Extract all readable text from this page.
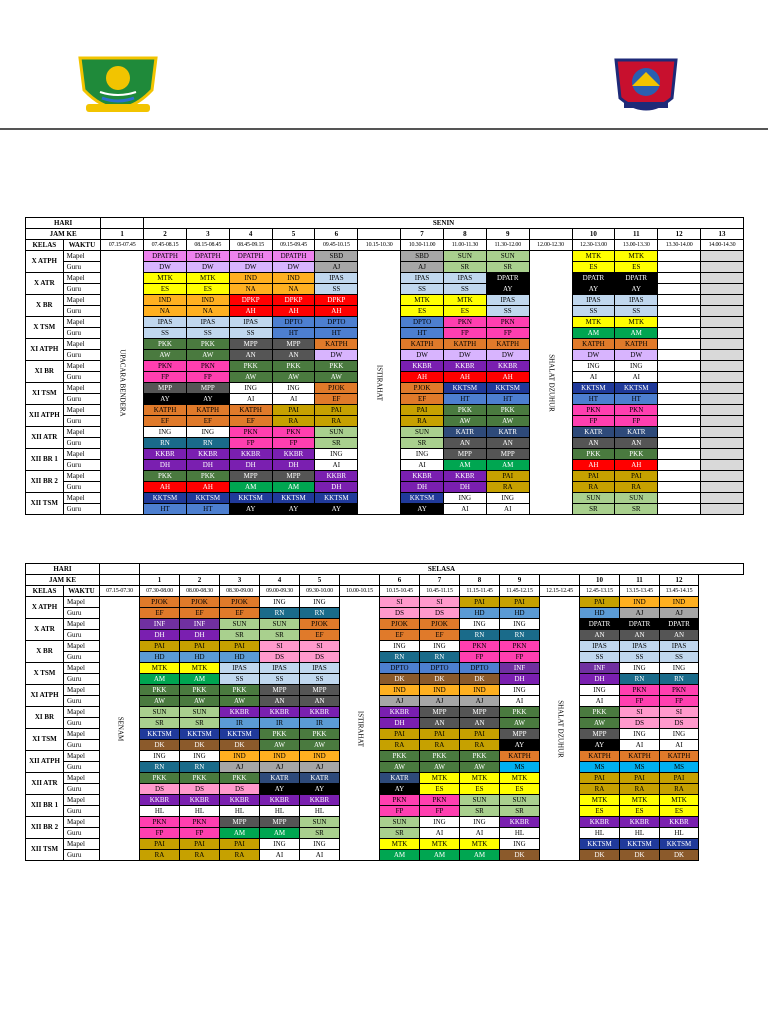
HARI			SENIN													
JAM KE		1	2	3	4	5	6		7	8	9		10	11	12	13
KELAS	WAKTU	07.15-07.45	07.45-08.15	08.15-08.45	08.45-09.15	09.15-09.45	09.45-10.15	10.15-10.30	10.30-11.00	11.00-11.30	11.30-12.00	12.00-12.30	12.30-13.00	13.00-13.30	13.30-14.00	14.00-14.30
X ATPH	Mapel	UPACARA BENDERA	DPATPH	DPATPH	DPATPH	DPATPH	SBD	ISTIRAHAT	SBD	SUN	SUN	SHALAT DZUHUR	MTK	MTK		
	Guru		DW	DW	DW	DW	AJ		AJ	SR	SR		ES	ES		
X ATR	Mapel		MTK	MTK	IND	IND	IPAS		IPAS	IPAS	DPATR		DPATR	DPATR		
	Guru		ES	ES	NA	NA	SS		SS	SS	AY		AY	AY		
X BR	Mapel		IND	IND	DPKP	DPKP	DPKP		MTK	MTK	IPAS		IPAS	IPAS		
	Guru		NA	NA	AH	AH	AH		ES	ES	SS		SS	SS		
X TSM	Mapel		IPAS	IPAS	IPAS	DPTO	DPTO		DPTO	PKN	PKN		MTK	MTK		
	Guru		SS	SS	SS	HT	HT		HT	FP	FP		AM	AM		
XI ATPH	Mapel		PKK	PKK	MPP	MPP	KATPH		KATPH	KATPH	KATPH		KATPH	KATPH		
	Guru		AW	AW	AN	AN	DW		DW	DW	DW		DW	DW		
XI BR	Mapel		PKN	PKN	PKK	PKK	PKK		KKBR	KKBR	KKBR		ING	ING		
	Guru		FP	FP	AW	AW	AW		AH	AH	AH		AI	AI		
XI TSM	Mapel		MPP	MPP	ING	ING	PJOK		PJOK	KKTSM	KKTSM		KKTSM	KKTSM		
	Guru		AY	AY	AI	AI	EF		EF	HT	HT		HT	HT		
XII ATPH	Mapel		KATPH	KATPH	KATPH	PAI	PAI		PAI	PKK	PKK		PKN	PKN		
	Guru		EF	EF	EF	RA	RA		RA	AW	AW		FP	FP		
XII ATR	Mapel		ING	ING	PKN	PKN	SUN		SUN	KATR	KATR		KATR	KATR		
	Guru		RN	RN	FP	FP	SR		SR	AN	AN		AN	AN		
XII BR 1	Mapel		KKBR	KKBR	KKBR	KKBR	ING		ING	MPP	MPP		PKK	PKK		
	Guru		DH	DH	DH	DH	AI		AI	AM	AM		AH	AH		
XII BR 2	Mapel		PKK	PKK	MPP	MPP	KKBR		KKBR	KKBR	PAI		PAI	PAI		
	Guru		AH	AH	AM	AM	DH		DH	DH	RA		RA	RA		
XII TSM	Mapel		KKTSM	KKTSM	KKTSM	KKTSM	KKTSM		KKTSM	ING	ING		SUN	SUN		
	Guru		HT	HT	AY	AY	AY		AY	AI	AI		SR	SR		
HARI			SELASA													
JAM KE			1	2	3	4	5		6	7	8	9		10	11	12
KELAS	WAKTU	07.15-07.30	07.30-08.00	08.00-08.30	08.30-09.00	09.00-09.30	09.30-10.00	10.00-10.15	10.15-10.45	10.45-11.15	11.15-11.45	11.45-12.15	12.15-12.45	12.45-13.15	13.15-13.45	13.45-14.15
X ATPH	Mapel	SENAM	PJOK	PJOK	PJOK	ING	ING	ISTIRAHAT	SI	SI	PAI	PAI	SHALAT DZUHUR	PAI	IND	IND
	Guru		EF	EF	EF	RN	RN		DS	DS	HD	HD		HD	AJ	AJ
X ATR	Mapel		INF	INF	SUN	SUN	PJOK		PJOK	PJOK	ING	ING		DPATR	DPATR	DPATR
	Guru		DH	DH	SR	SR	EF		EF	EF	RN	RN		AN	AN	AN
X BR	Mapel		PAI	PAI	PAI	SI	SI		ING	ING	PKN	PKN		IPAS	IPAS	IPAS
	Guru		HD	HD	HD	DS	DS		RN	RN	FP	FP		SS	SS	SS
X TSM	Mapel		MTK	MTK	IPAS	IPAS	IPAS		DPTO	DPTO	DPTO	INF		INF	ING	ING
	Guru		AM	AM	SS	SS	SS		DK	DK	DK	DH		DH	RN	RN
XI ATPH	Mapel		PKK	PKK	PKK	MPP	MPP		IND	IND	IND	ING		ING	PKN	PKN
	Guru		AW	AW	AW	AN	AN		AJ	AJ	AJ	AI		AI	FP	FP
XI BR	Mapel		SUN	SUN	KKBR	KKBR	KKBR		KKBR	MPP	MPP	PKK		PKK	SI	SI
	Guru		SR	SR	IR	IR	IR		DH	AN	AN	AW		AW	DS	DS
XI TSM	Mapel		KKTSM	KKTSM	KKTSM	PKK	PKK		PAI	PAI	PAI	MPP		MPP	ING	ING
	Guru		DK	DK	DK	AW	AW		RA	RA	RA	AY		AY	AI	AI
XII ATPH	Mapel		ING	ING	IND	IND	IND		PKK	PKK	PKK	KATPH		KATPH	KATPH	KATPH
	Guru		RN	RN	AJ	AJ	AJ		AW	AW	AW	MS		MS	MS	MS
XII ATR	Mapel		PKK	PKK	PKK	KATR	KATR		KATR	MTK	MTK	MTK		PAI	PAI	PAI
	Guru		DS	DS	DS	AY	AY		AY	ES	ES	ES		RA	RA	RA
XII BR 1	Mapel		KKBR	KKBR	KKBR	KKBR	KKBR		PKN	PKN	SUN	SUN		MTK	MTK	MTK
	Guru		HL	HL	HL	HL	HL		FP	FP	SR	SR		ES	ES	ES
XII BR 2	Mapel		PKN	PKN	MPP	MPP	SUN		SUN	ING	ING	KKBR		KKBR	KKBR	KKBR
	Guru		FP	FP	AM	AM	SR		SR	AI	AI	HL		HL	HL	HL
XII TSM	Mapel		PAI	PAI	PAI	ING	ING		MTK	MTK	MTK	ING		KKTSM	KKTSM	KKTSM
	Guru		RA	RA	RA	AI	AI		AM	AM	AM	DK		DK	DK	DK
